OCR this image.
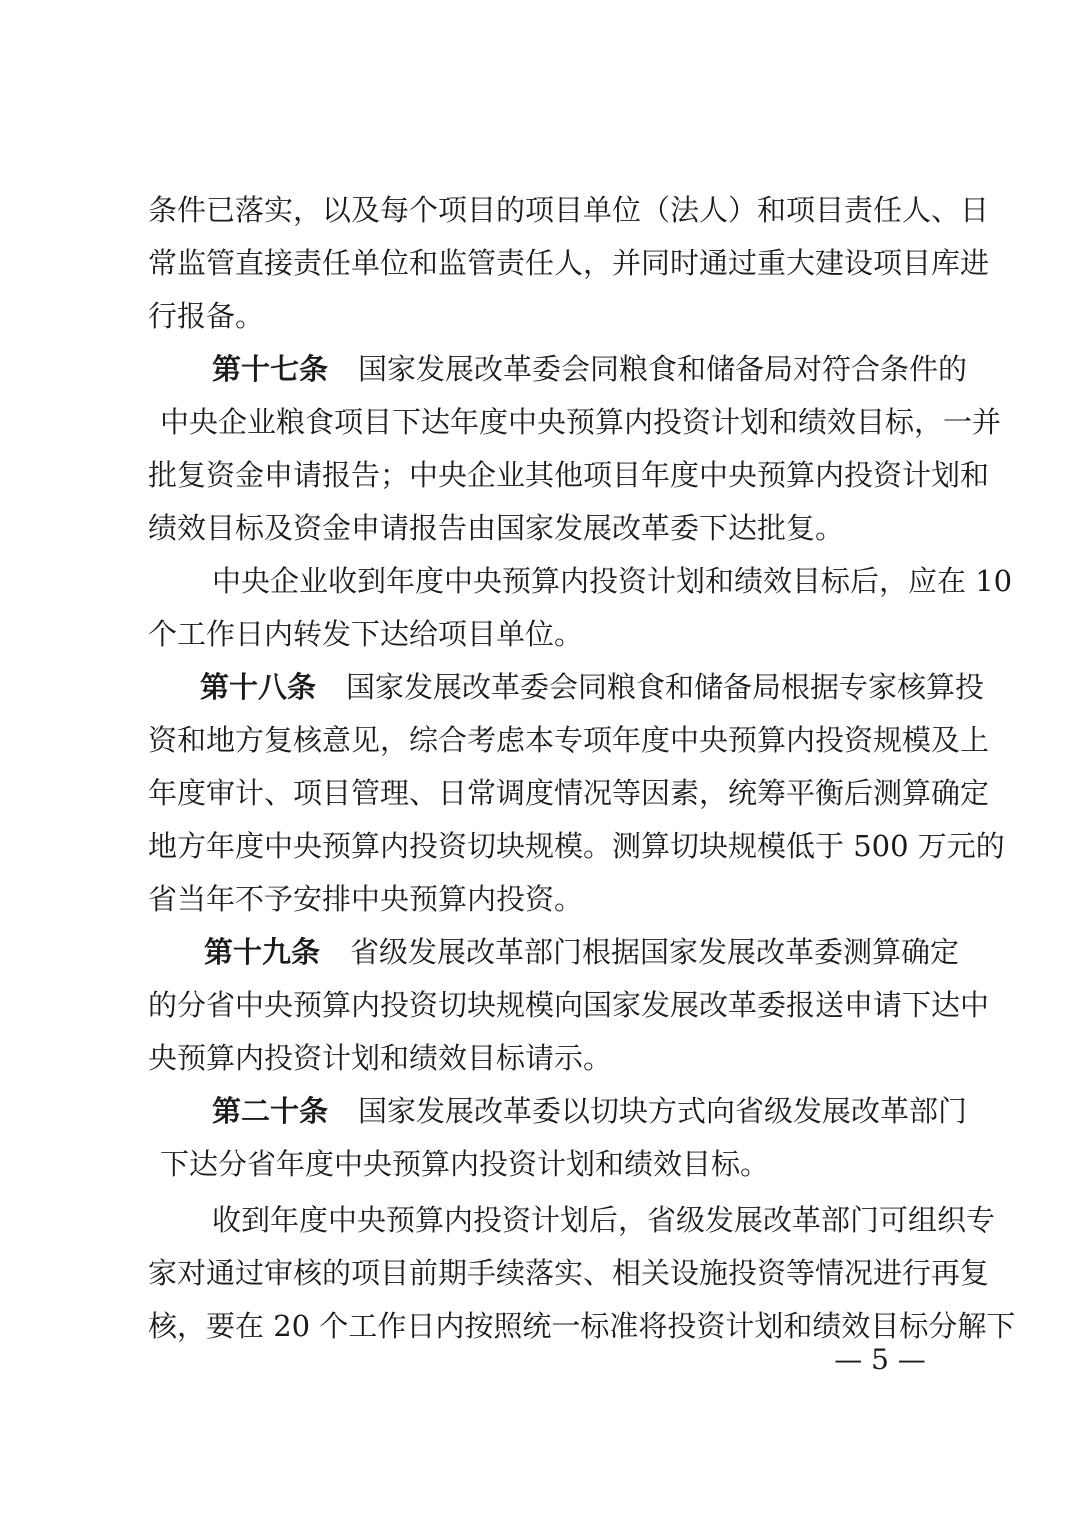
条件已落实，以及每个项目的项目单位（法人）和项目责任人、日
常监管直接责任单位和监管责任人，并同时通过重大建设项目库进
行报备。
第十七条 国家发展改革委会同粮食和储备局对符合条件的
中央企业粮食项目下达年度中央预算内投资计划和绩效目标，一并
批复资金申请报告；中央企业其他项目年度中央预算内投资计划和
绩效目标及资金申请报告由国家发展改革委下达批复。
中央企业收到年度中央预算内投资计划和绩效目标后，应在 10
个工作日内转发下达给项目单位。
第十八条 国家发展改革委会同粮食和储备局根据专家核算投
资和地方复核意见，综合考虑本专项年度中央预算内投资规模及上
年度审计、项目管理、日常调度情况等因素，统筹平衡后测算确定
地方年度中央预算内投资切块规模。测算切块规模低于 500 万元的
省当年不予安排中央预算内投资。
第十九条 省级发展改革部门根据国家发展改革委测算确定
的分省中央预算内投资切块规模向国家发展改革委报送申请下达中
央预算内投资计划和绩效目标请示。
第二十条 国家发展改革委以切块方式向省级发展改革部门
下达分省年度中央预算内投资计划和绩效目标。
收到年度中央预算内投资计划后，省级发展改革部门可组织专
家对通过审核的项目前期手续落实、相关设施投资等情况进行再复
核，要在 20 个工作日内按照统一标准将投资计划和绩效目标分解下
— 5 —
